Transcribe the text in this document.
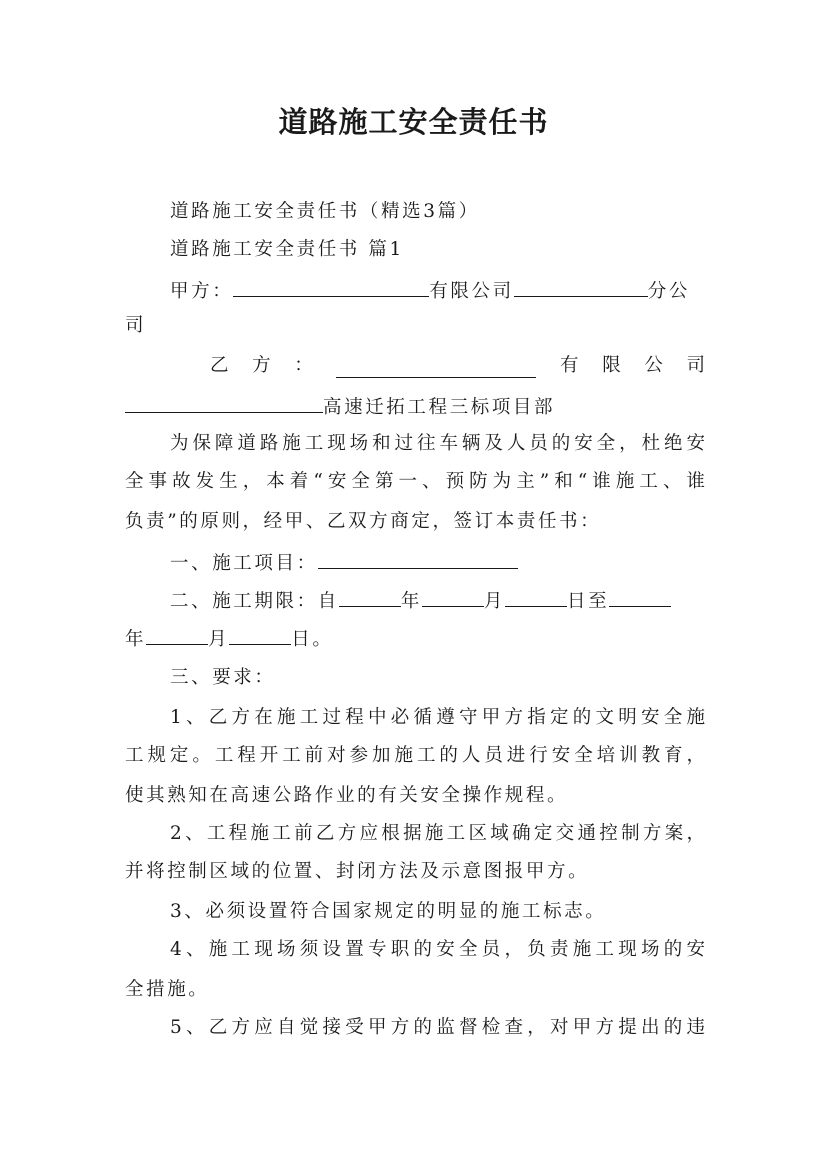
道路施工安全责任书
道路施工安全责任书（精选3篇）
道路施工安全责任书 篇1
甲方：	有限公司	分公
司
乙 方 ：	有 限 公 司
高速迁拓工程三标项目部
为保障道路施工现场和过往车辆及人员的安全，杜绝安
全事故发生，本着“安全第一、预防为主”和“谁施工、谁
负责”的原则，经甲、乙双方商定，签订本责任书：
一、施工项目：
二、施工期限：自	年	月	日至
年	月	日。
三、要求：
1、乙方在施工过程中必循遵守甲方指定的文明安全施
工规定。工程开工前对参加施工的人员进行安全培训教育，
使其熟知在高速公路作业的有关安全操作规程。
2、工程施工前乙方应根据施工区域确定交通控制方案，
并将控制区域的位置、封闭方法及示意图报甲方。
3、必须设置符合国家规定的明显的施工标志。
4、施工现场须设置专职的安全员，负责施工现场的安
全措施。
5、乙方应自觉接受甲方的监督检查，对甲方提出的违
